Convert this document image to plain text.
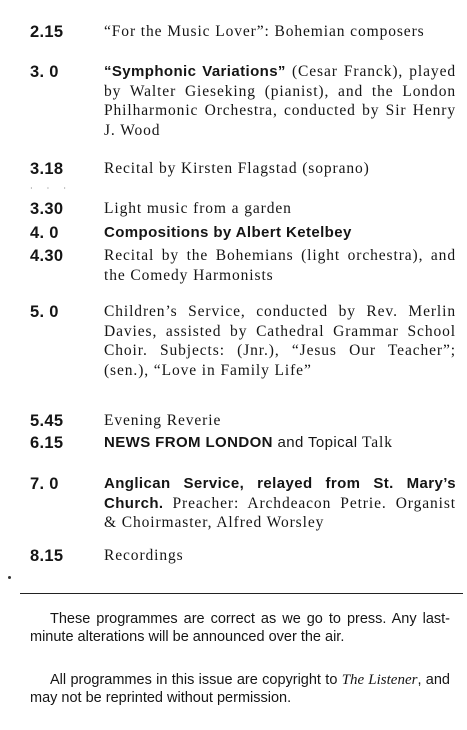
2.15	“For the Music Lover”: Bohemian composers
3. 0	“Symphonic Variations” (Cesar Franck), played by Walter Gieseking (pianist), and the London Philharmonic Orchestra, conducted by Sir Henry J. Wood
3.18	Recital by Kirsten Flagstad (soprano)
3.30	Light music from a garden
4. 0	Compositions by Albert Ketelbey
4.30	Recital by the Bohemians (light orchestra), and the Comedy Harmonists
5. 0	Children’s Service, conducted by Rev. Merlin Davies, assisted by Cathedral Grammar School Choir. Subjects: (Jnr.), “Jesus Our Teacher”; (sen.), “Love in Family Life”
5.45	Evening Reverie
6.15	NEWS FROM LONDON and Topical Talk
7. 0	Anglican Service, relayed from St. Mary’s Church. Preacher: Archdeacon Petrie. Organist & Choirmaster, Alfred Worsley
8.15	Recordings
· · ·

These programmes are correct as we go to press. Any last-minute alterations will be announced over the air.

All programmes in this issue are copyright to The Listener, and may not be reprinted without permission.
